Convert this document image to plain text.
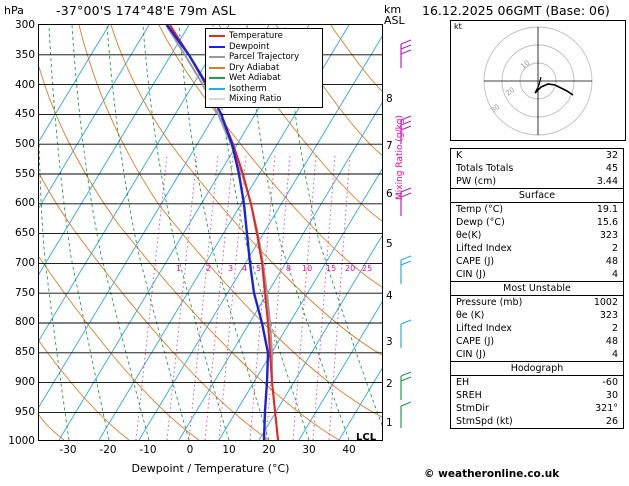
hPa	km
ASL
-37°00'S 174°48'E 79m ASL
Temperature
Dewpoint
Parcel Trajectory
Dry Adiabat
Wet Adiabat
Isotherm
Mixing Ratio
300
350
400
450
500
550
600
650
700
750
800
850
900
950
1000
8
7
6
5
4
3
2
1
1	2 3 4 5	8 10 15 20 25
Mixing Ratio (g/kg)
LCL
-30	-20	-10	0	10	20	30	40
Dewpoint / Temperature (°C)
16.12.2025 06GMT (Base: 06)
kt
10
20
30
K	32
Totals Totals	45
PW (cm)	3.44
Surface
Temp (°C)	19.1
Dewp (°C)	15.6
θe(K)	323
Lifted Index	2
CAPE (J)	48
CIN (J)	4
Most Unstable
Pressure (mb)	1002
θe (K)	323
Lifted Index	2
CAPE (J)	48
CIN (J)	4
Hodograph
EH	-60
SREH	30
StmDir	321°
StmSpd (kt)	26
© weatheronline.co.uk
